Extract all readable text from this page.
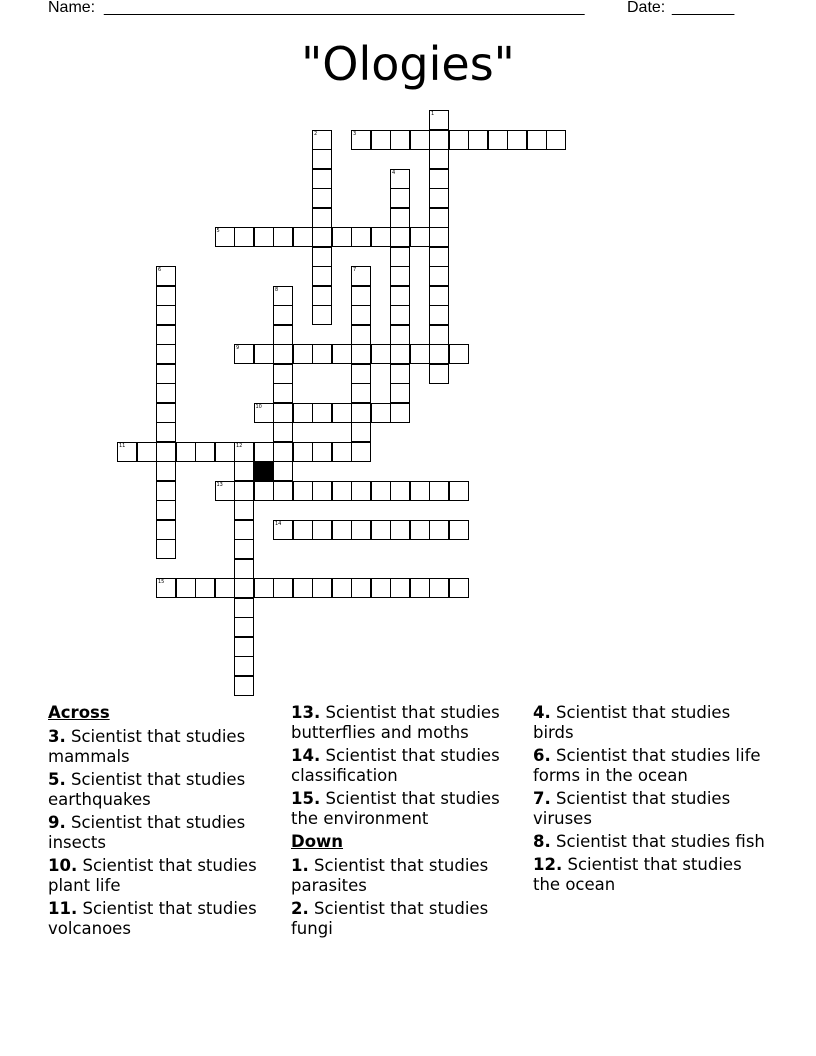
Name: ______________________________________________________	Date: _______
"Ologies"
1
2	3
4
5
6	7
8
9
10
11	12
13
14
15
Across
3. Scientist that studies mammals
5. Scientist that studies earthquakes
9. Scientist that studies insects
10. Scientist that studies plant life
11. Scientist that studies volcanoes
13. Scientist that studies butterflies and moths
14. Scientist that studies classification
15. Scientist that studies the environment
Down
1. Scientist that studies parasites
2. Scientist that studies fungi
4. Scientist that studies birds
6. Scientist that studies life forms in the ocean
7. Scientist that studies viruses
8. Scientist that studies fish
12. Scientist that studies the ocean
